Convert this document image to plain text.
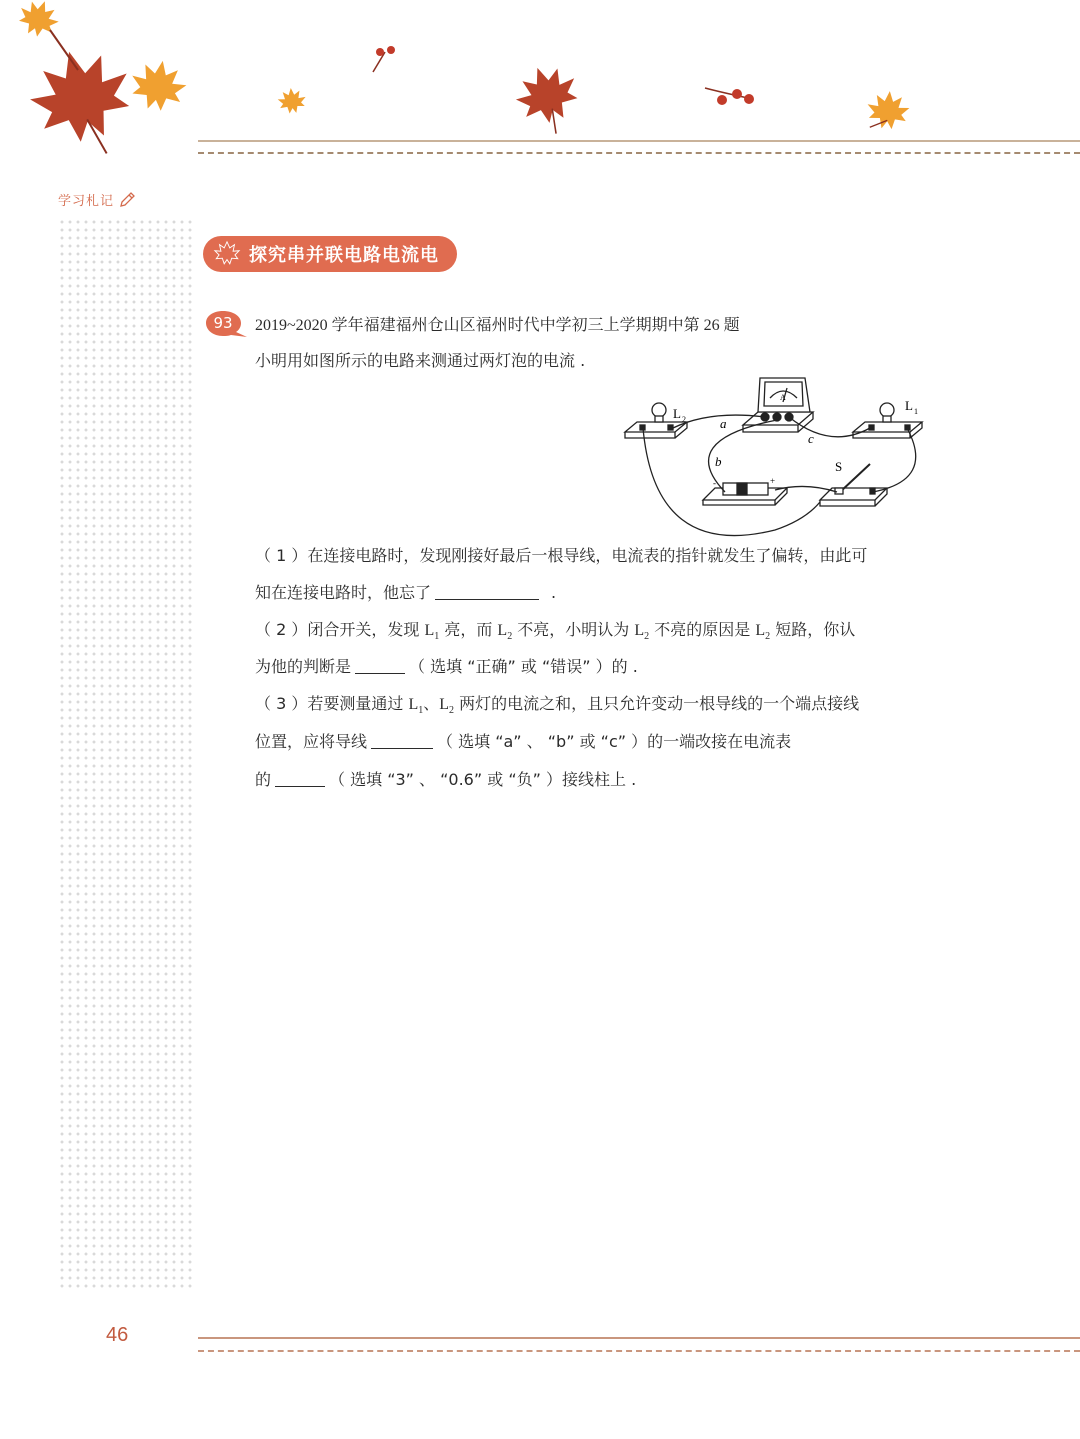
学习札记
探究串并联电路电流电
93	2019~2020 学年福建福州仓山区福州时代中学初三上学期期中第 26 题
小明用如图所示的电路来测通过两灯泡的电流 .
L 2
L 1
a
b
c
S
A
+
-
（ 1 ）在连接电路时，发现刚接好最后一根导线，电流表的指针就发生了偏转，由此可
知在连接电路时，他忘了	.
（ 2 ）闭合开关，发现 $L_1$ 亮，而 $L_2$ 不亮，小明认为 $L_2$ 不亮的原因是 $L_2$ 短路，你认
为他的判断是	（ 选填 “正确” 或 “错误” ）的 .
（ 3 ）若要测量通过 $L_1$、$L_2$ 两灯的电流之和，且只允许变动一根导线的一个端点接线
位置，应将导线	（ 选填 “a” 、 “b” 或 “c” ）的一端改接在电流表
的	（ 选填 “3” 、 “0.6” 或 “负” ）接线柱上 .
46
